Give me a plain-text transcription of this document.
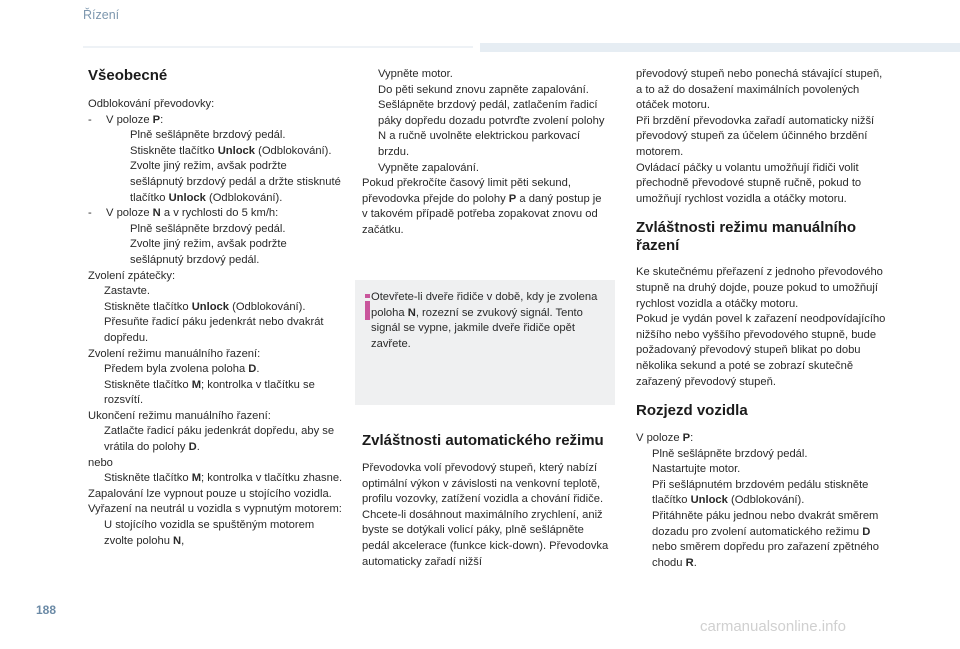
Řízení
Všeobecné

Odblokování převodovky:

- V poloze P:

Plně sešlápněte brzdový pedál.

Stiskněte tlačítko Unlock (Odblokování).

Zvolte jiný režim, avšak podržte sešlápnutý brzdový pedál a držte stisknuté tlačítko Unlock (Odblokování).

- V poloze N a v rychlosti do 5 km/h:

Plně sešlápněte brzdový pedál.

Zvolte jiný režim, avšak podržte sešlápnutý brzdový pedál.

Zvolení zpátečky:

Zastavte.

Stiskněte tlačítko Unlock (Odblokování).

Přesuňte řadicí páku jedenkrát nebo dvakrát dopředu.

Zvolení režimu manuálního řazení:

Předem byla zvolena poloha D.

Stiskněte tlačítko M; kontrolka v tlačítku se rozsvítí.

Ukončení režimu manuálního řazení:

Zatlačte řadicí páku jedenkrát dopředu, aby se vrátila do polohy D.

nebo

Stiskněte tlačítko M; kontrolka v tlačítku zhasne.

Zapalování lze vypnout pouze u stojícího vozidla.

Vyřazení na neutrál u vozidla s vypnutým motorem:

U stojícího vozidla se spuštěným motorem zvolte polohu N,

Vypněte motor.

Do pěti sekund znovu zapněte zapalování.

Sešlápněte brzdový pedál, zatlačením řadicí páky dopředu dozadu potvrďte zvolení polohy N a ručně uvolněte elektrickou parkovací brzdu.

Vypněte zapalování.

Pokud překročíte časový limit pěti sekund, převodovka přejde do polohy P a daný postup je v takovém případě potřeba zopakovat znovu od začátku.

Otevřete-li dveře řidiče v době, kdy je zvolena poloha N, rozezní se zvukový signál. Tento signál se vypne, jakmile dveře řidiče opět zavřete.
Zvláštnosti automatického režimu

Převodovka volí převodový stupeň, který nabízí optimální výkon v závislosti na venkovní teplotě, profilu vozovky, zatížení vozidla a chování řidiče.

Chcete-li dosáhnout maximálního zrychlení, aniž byste se dotýkali volicí páky, plně sešlápněte pedál akcelerace (funkce kick-down). Převodovka automaticky zařadí nižší

převodový stupeň nebo ponechá stávající stupeň, a to až do dosažení maximálních povolených otáček motoru.

Při brzdění převodovka zařadí automaticky nižší převodový stupeň za účelem účinného brzdění motorem.

Ovládací páčky u volantu umožňují řidiči volit přechodně převodové stupně ručně, pokud to umožňují rychlost vozidla a otáčky motoru.

Zvláštnosti režimu manuálního řazení

Ke skutečnému přeřazení z jednoho převodového stupně na druhý dojde, pouze pokud to umožňují rychlost vozidla a otáčky motoru.

Pokud je vydán povel k zařazení neodpovídajícího nižšího nebo vyššího převodového stupně, bude požadovaný převodový stupeň blikat po dobu několika sekund a poté se zobrazí skutečně zařazený převodový stupeň.

Rozjezd vozidla

V poloze P:

Plně sešlápněte brzdový pedál.

Nastartujte motor.

Při sešlápnutém brzdovém pedálu stiskněte tlačítko Unlock (Odblokování).

Přitáhněte páku jednou nebo dvakrát směrem dozadu pro zvolení automatického režimu D nebo směrem dopředu pro zařazení zpětného chodu R.

188
carmanualsonline.info
